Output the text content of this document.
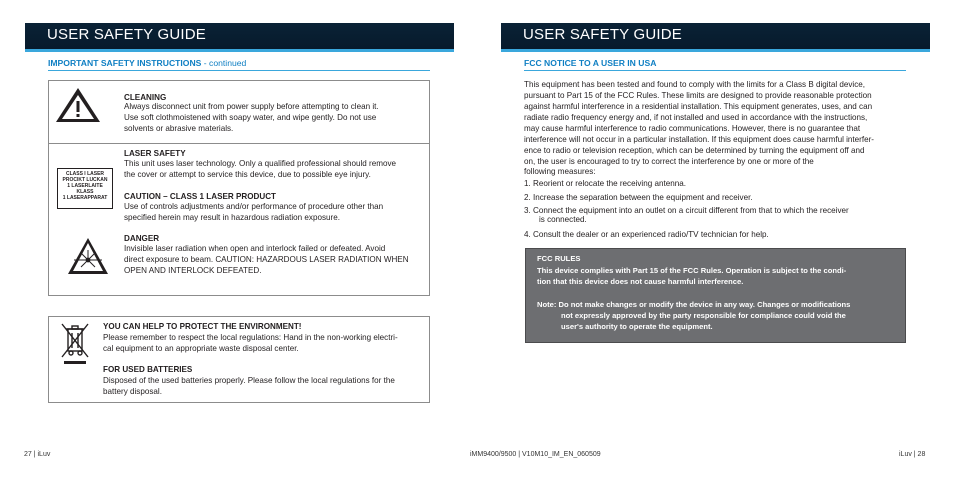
USER SAFETY GUIDE
IMPORTANT SAFETY INSTRUCTIONS - continued
CLEANING
Always disconnect unit from power supply before attempting to clean it.
Use soft clothmoistened with soapy water, and wipe gently. Do not use
solvents or abrasive materials.
CLASS I LASER
PROCIKT LUCKAN
1 LASERLAITE
KLASS
1 LASERAPPARAT
LASER SAFETY
This unit uses laser technology. Only a qualified professional should remove
the cover or attempt to service this device, due to possible eye injury.
CAUTION – CLASS 1 LASER PRODUCT
Use of controls adjustments and/or performance of procedure other than
specified herein may result in hazardous radiation exposure.
DANGER
Invisible laser radiation when open and interlock failed or defeated. Avoid
direct exposure to beam. CAUTION: HAZARDOUS LASER RADIATION WHEN
OPEN AND INTERLOCK DEFEATED.
YOU CAN HELP TO PROTECT THE ENVIRONMENT!
Please remember to respect the local regulations: Hand in the non-working electri-
cal equipment to an appropriate waste disposal center.
FOR USED BATTERIES
Disposed of the used batteries properly. Please follow the local regulations for the
battery disposal.
27 | iLuv	iMM9400/9500 | V10M10_IM_EN_060509
USER SAFETY GUIDE
FCC NOTICE TO A USER IN USA
This equipment has been tested and found to comply with the limits for a Class B digital device,
pursuant to Part 15 of the FCC Rules. These limits are designed to provide reasonable protection
against harmful interference in a residential installation. This equipment generates, uses, and can
radiate radio frequency energy and, if not installed and used in accordance with the instructions,
may cause harmful interference to radio communications. However, there is no guarantee that
interference will not occur in a particular installation. If this equipment does cause harmful interfer-
ence to radio or television reception, which can be determined by turning the equipment off and
on, the user is encouraged to try to correct the interference by one or more of the
following measures:
1. Reorient or relocate the receiving antenna.
2. Increase the separation between the equipment and receiver.
3. Connect the equipment into an outlet on a circuit different from that to which the receiver
is connected.
4. Consult the dealer or an experienced radio/TV technician for help.
FCC RULES
This device complies with Part 15 of the FCC Rules. Operation is subject to the condi-
tion that this device does not cause harmful interference.
Note: Do not make changes or modify the device in any way. Changes or modifications
not expressly approved by the party responsible for compliance could void the
user's authority to operate the equipment.
iLuv | 28
